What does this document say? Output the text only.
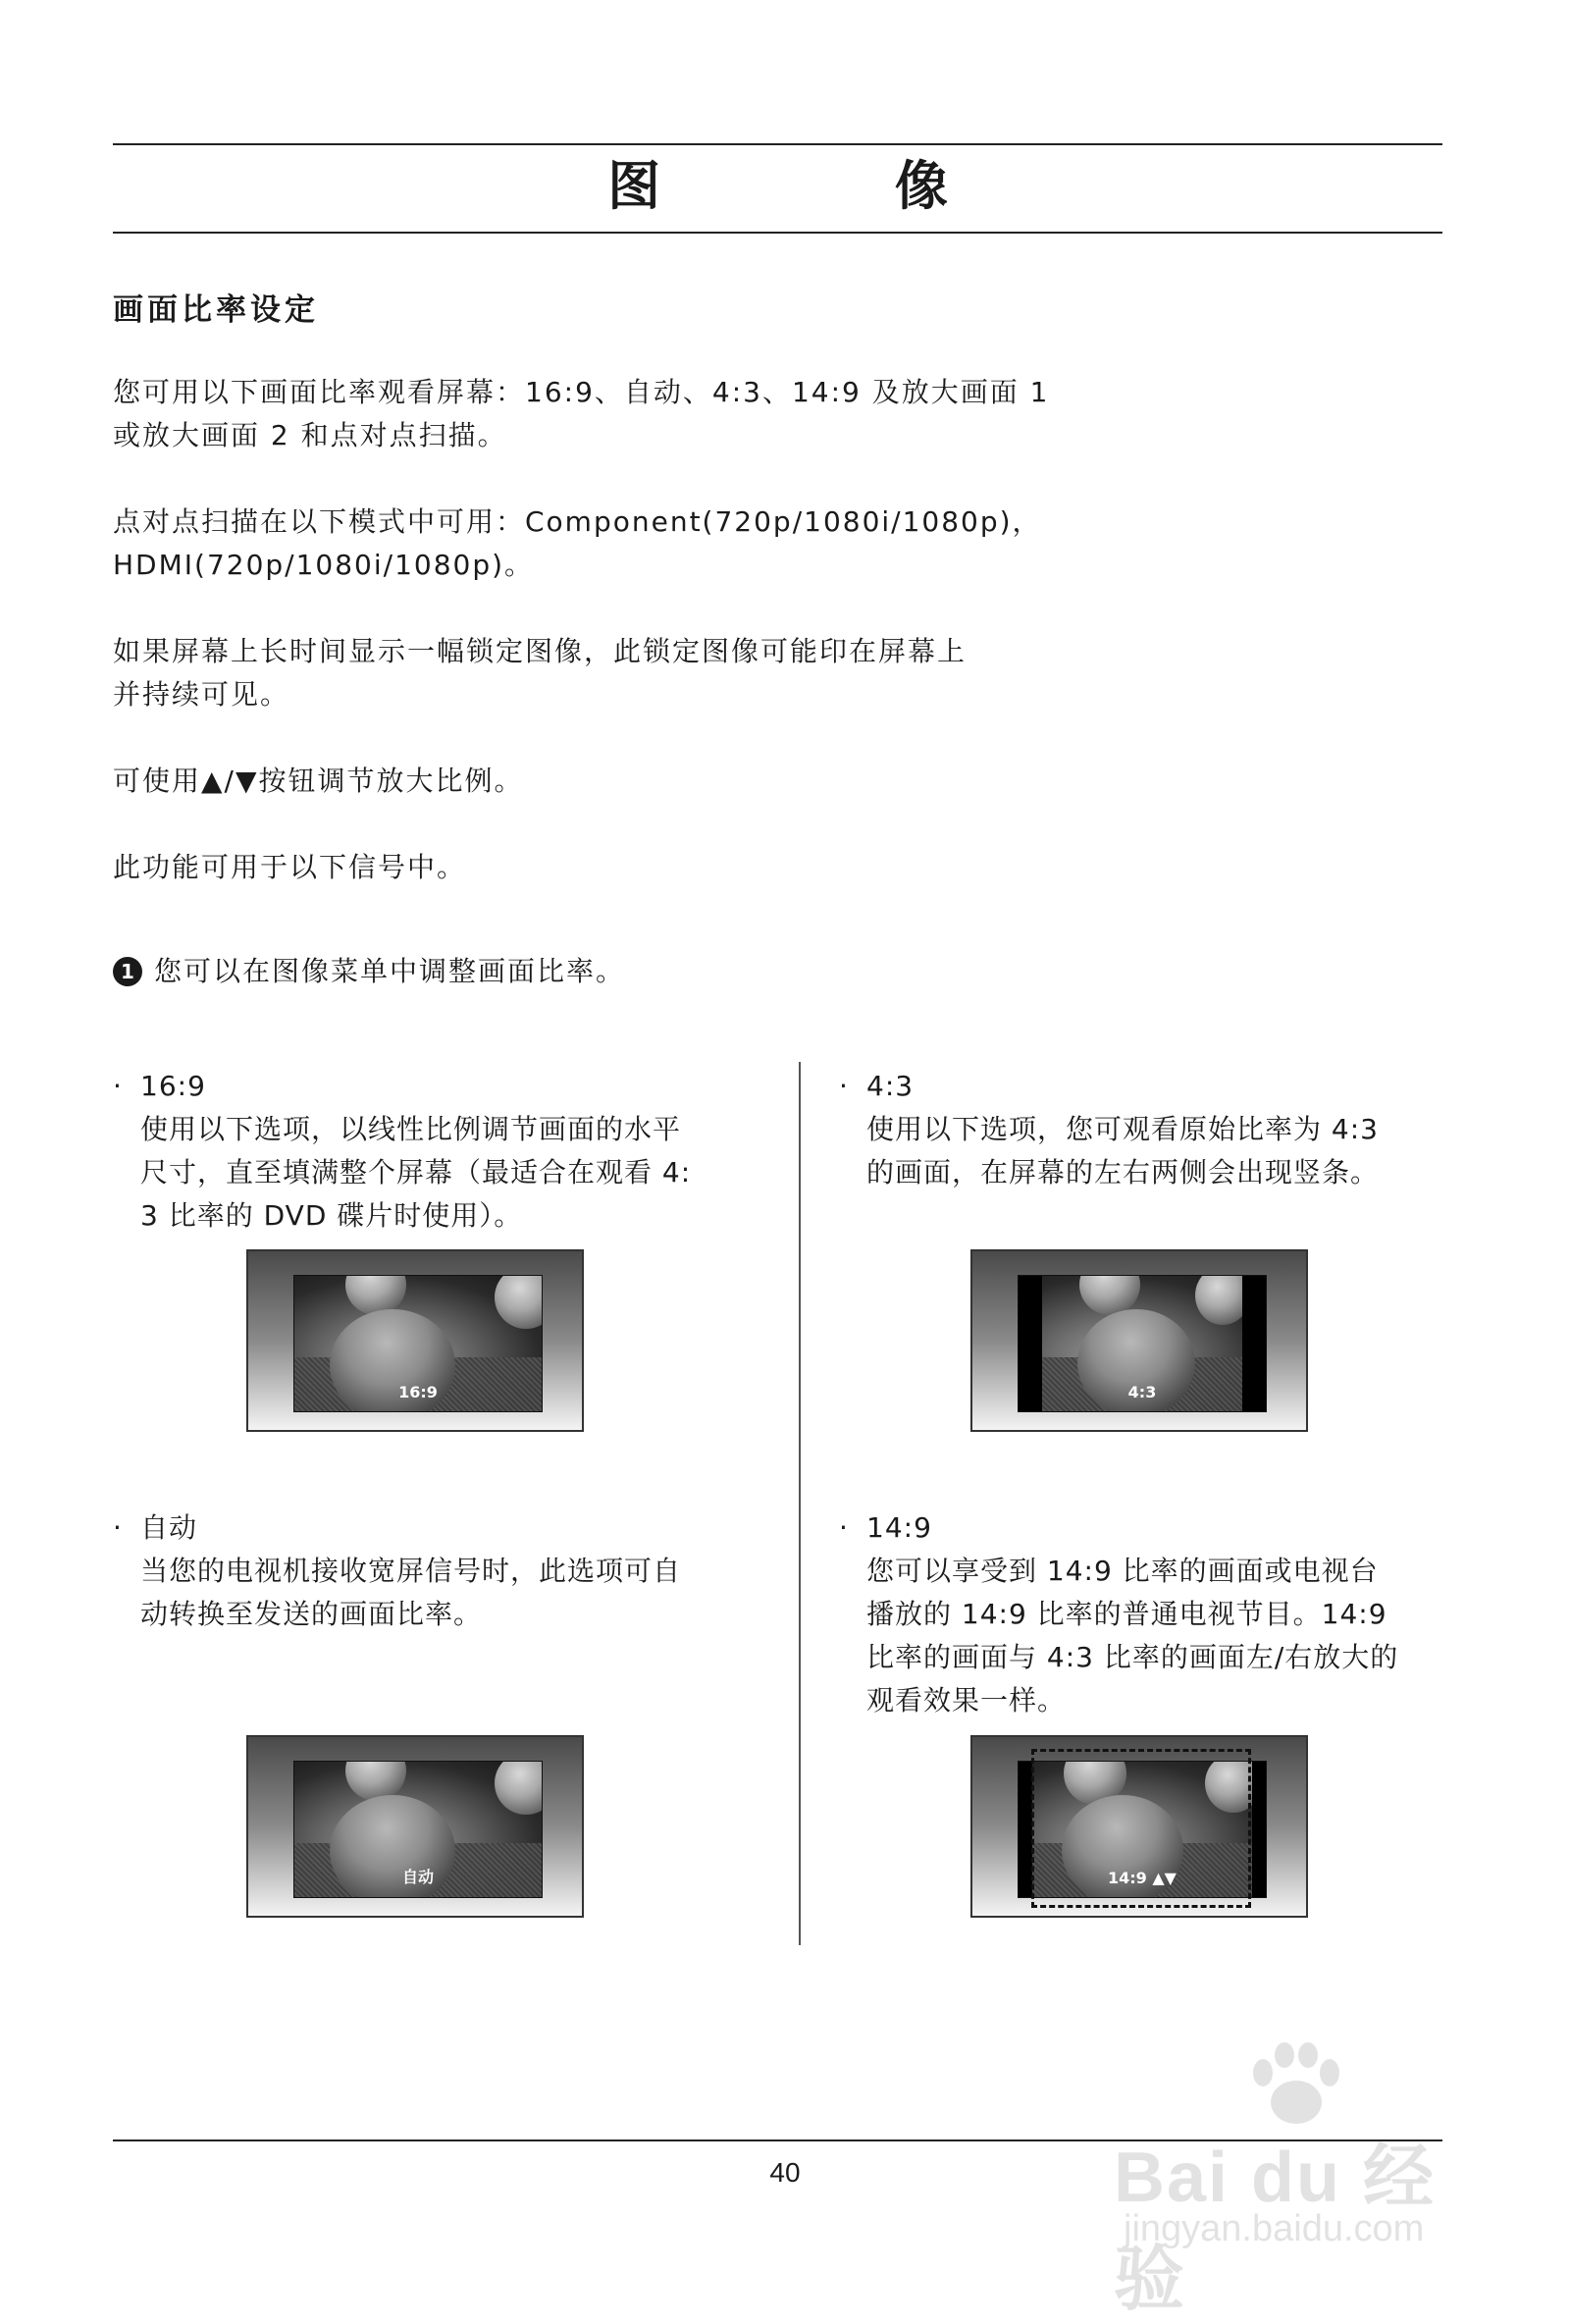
图 像
画面比率设定
您可用以下画面比率观看屏幕：16:9、自动、4:3、14:9 及放大画面 1
或放大画面 2 和点对点扫描。
点对点扫描在以下模式中可用：Component(720p/1080i/1080p)，
HDMI(720p/1080i/1080p)。
如果屏幕上长时间显示一幅锁定图像，此锁定图像可能印在屏幕上
并持续可见。
可使用▲/▼按钮调节放大比例。
此功能可用于以下信号中。
1 您可以在图像菜单中调整画面比率。

· 16:9

使用以下选项，以线性比例调节画面的水平
尺寸，直至填满整个屏幕（最适合在观看 4:
3 比率的 DVD 碟片时使用）。

16:9

· 4:3

使用以下选项，您可观看原始比率为 4:3
的画面，在屏幕的左右两侧会出现竖条。

4:3

· 自动

当您的电视机接收宽屏信号时，此选项可自
动转换至发送的画面比率。

自动

· 14:9

您可以享受到 14:9 比率的画面或电视台
播放的 14:9 比率的普通电视节目。14:9
比率的画面与 4:3 比率的画面左/右放大的
观看效果一样。

14:9 ▲▼
40	Bai du 经验
jingyan.baidu.com
